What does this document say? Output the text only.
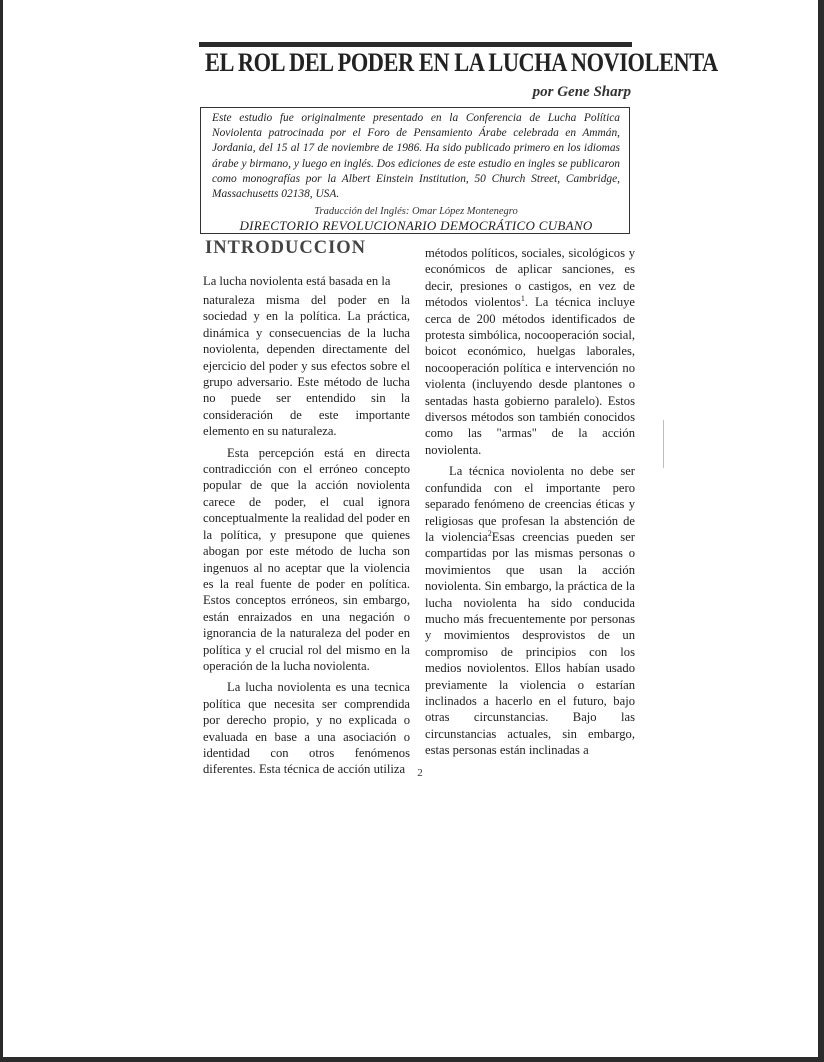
EL ROL DEL PODER EN LA LUCHA NOVIOLENTA
por Gene Sharp
Este estudio fue originalmente presentado en la Conferencia de Lucha Política Noviolenta patrocinada por el Foro de Pensamiento Árabe celebrada en Ammán, Jordania, del 15 al 17 de noviembre de 1986. Ha sido publicado primero en los idiomas árabe y birmano, y luego en inglés. Dos ediciones de este estudio en ingles se publicaron como monografías por la Albert Einstein Institution, 50 Church Street, Cambridge, Massachusetts 02138, USA.
Traducción del Inglés: Omar López Montenegro
DIRECTORIO REVOLUCIONARIO DEMOCRÁTICO CUBANO
INTRODUCCION

La lucha noviolenta está basada en la

naturaleza misma del poder en la sociedad y en la política. La práctica, dinámica y consecuencias de la lucha noviolenta, dependen directamente del ejercicio del poder y sus efectos sobre el grupo adversario. Este método de lucha no puede ser entendido sin la consideración de este importante elemento en su naturaleza.

Esta percepción está en directa contradicción con el erróneo concepto popular de que la acción noviolenta carece de poder, el cual ignora conceptualmente la realidad del poder en la política, y presupone que quienes abogan por este método de lucha son ingenuos al no aceptar que la violencia es la real fuente de poder en política. Estos conceptos erróneos, sin embargo, están enraizados en una negación o ignorancia de la naturaleza del poder en política y el crucial rol del mismo en la operación de la lucha noviolenta.

La lucha noviolenta es una tecnica política que necesita ser comprendida por derecho propio, y no explicada o evaluada en base a una asociación o identidad con otros fenómenos diferentes. Esta técnica de acción utiliza

métodos políticos, sociales, sicológicos y económicos de aplicar sanciones, es decir, presiones o castigos, en vez de métodos violentos$^1$. La técnica incluye cerca de 200 métodos identificados de protesta simbólica, nocooperación social, boicot económico, huelgas laborales, nocooperación política e intervención no violenta (incluyendo desde plantones o sentadas hasta gobierno paralelo). Estos diversos métodos son también conocidos como las "armas" de la acción noviolenta.

La técnica noviolenta no debe ser confundida con el importante pero separado fenómeno de creencias éticas y religiosas que profesan la abstención de la violencia$^2$Esas creencias pueden ser compartidas por las mismas personas o movimientos que usan la acción noviolenta. Sin embargo, la práctica de la lucha noviolenta ha sido conducida mucho más frecuentemente por personas y movimientos desprovistos de un compromiso de principios con los medios noviolentos. Ellos habían usado previamente la violencia o estarían inclinados a hacerlo en el futuro, bajo otras circunstancias. Bajo las circunstancias actuales, sin embargo, estas personas están inclinadas a

2
